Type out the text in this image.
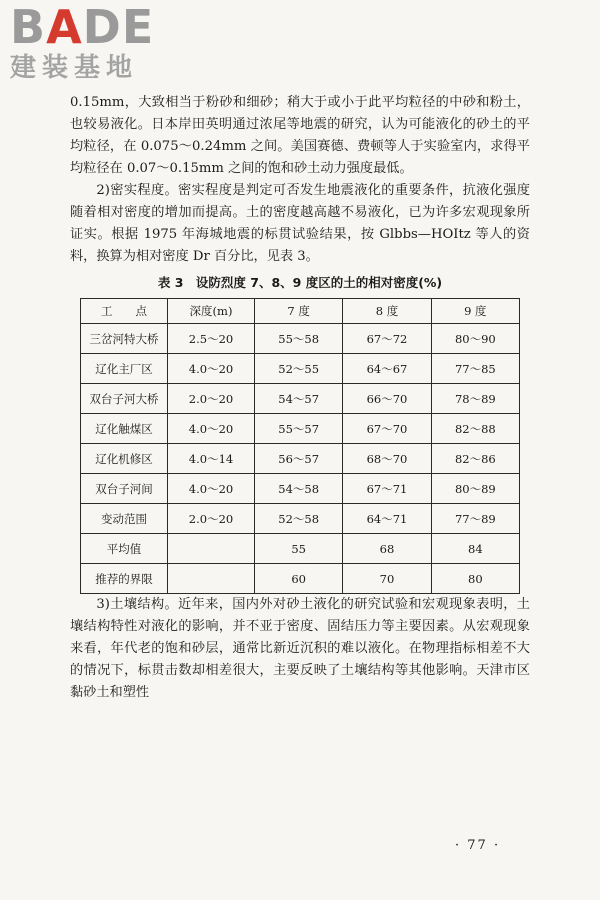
BADE
建装基地

0.15mm，大致相当于粉砂和细砂；稍大于或小于此平均粒径的中砂和粉土，也较易液化。日本岸田英明通过浓尾等地震的研究，认为可能液化的砂土的平均粒径，在 0.075～0.24mm 之间。美国赛德、费顿等人于实验室内，求得平均粒径在 0.07～0.15mm 之间的饱和砂土动力强度最低。

2)密实程度。密实程度是判定可否发生地震液化的重要条件，抗液化强度随着相对密度的增加而提高。土的密度越高越不易液化，已为许多宏观现象所证实。根据 1975 年海城地震的标贯试验结果，按 Glbbs—HOItz 等人的资料，换算为相对密度 Dr 百分比，见表 3。

表 3　设防烈度 7、8、9 度区的土的相对密度(%)
工　　点	深度(m)	7 度	8 度	9 度
三岔河特大桥	2.5～20	55～58	67～72	80～90
辽化主厂区	4.0～20	52～55	64～67	77～85
双台子河大桥	2.0～20	54～57	66～70	78～89
辽化触煤区	4.0～20	55～57	67～70	82～88
辽化机修区	4.0～14	56～57	68～70	82～86
双台子河间	4.0～20	54～58	67～71	80～89
变动范围	2.0～20	52～58	64～71	77～89
平均值		55	68	84
推荐的界限		60	70	80

3)土壤结构。近年来，国内外对砂土液化的研究试验和宏观现象表明，土壤结构特性对液化的影响，并不亚于密度、固结压力等主要因素。从宏观现象来看，年代老的饱和砂层，通常比新近沉积的难以液化。在物理指标相差不大的情况下，标贯击数却相差很大，主要反映了土壤结构等其他影响。天津市区黏砂土和塑性

· 77 ·
